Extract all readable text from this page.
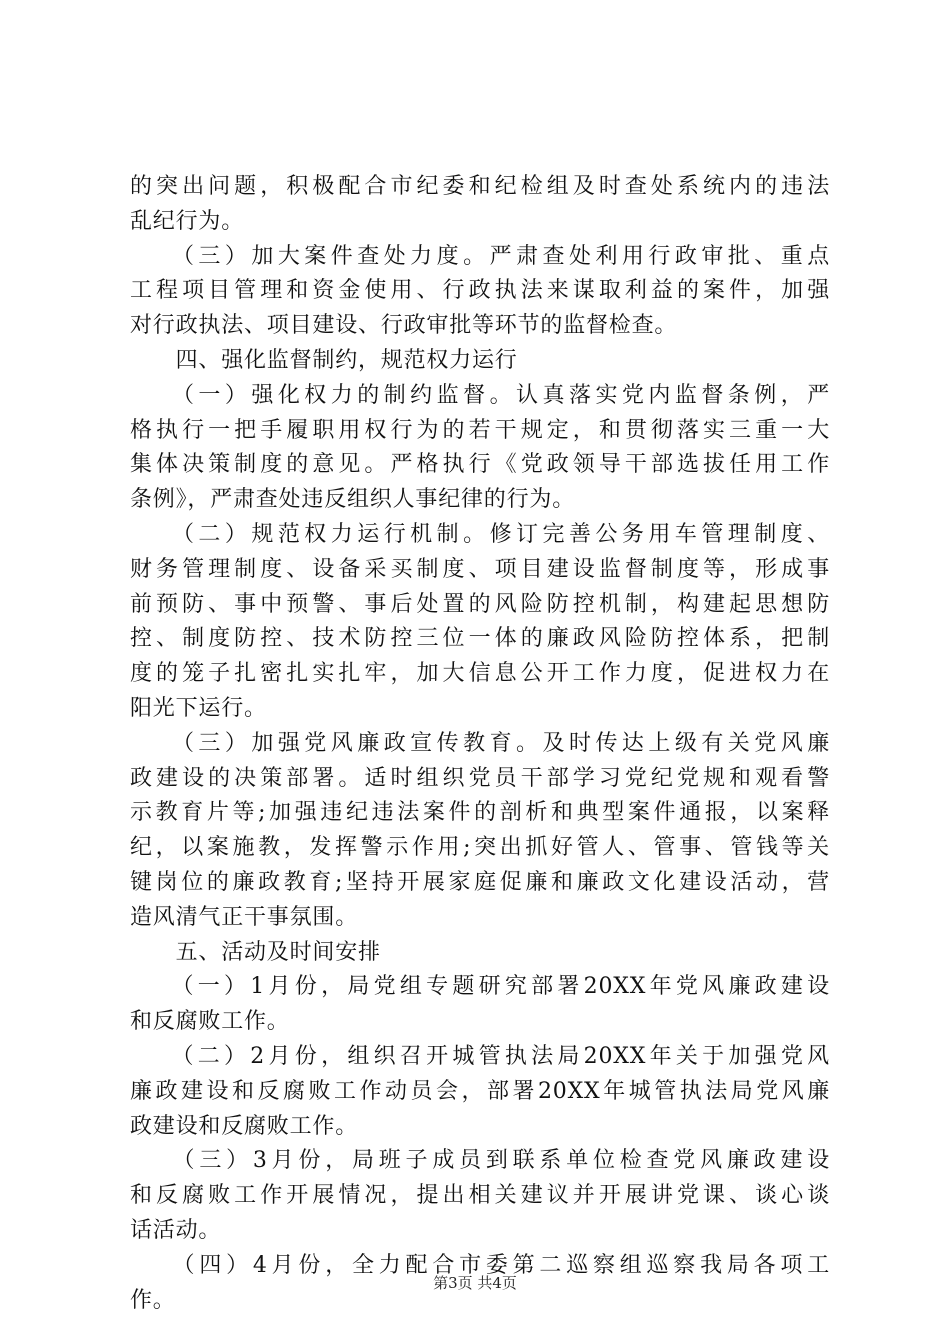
的突出问题，积极配合市纪委和纪检组及时查处系统内的违法
乱纪行为。
　　（三）加大案件查处力度。严肃查处利用行政审批、重点
工程项目管理和资金使用、行政执法来谋取利益的案件，加强
对行政执法、项目建设、行政审批等环节的监督检查。
　　四、强化监督制约，规范权力运行
　　（一）强化权力的制约监督。认真落实党内监督条例，严
格执行一把手履职用权行为的若干规定，和贯彻落实三重一大
集体决策制度的意见。严格执行《党政领导干部选拔任用工作
条例》，严肃查处违反组织人事纪律的行为。
　　（二）规范权力运行机制。修订完善公务用车管理制度、
财务管理制度、设备采买制度、项目建设监督制度等，形成事
前预防、事中预警、事后处置的风险防控机制，构建起思想防
控、制度防控、技术防控三位一体的廉政风险防控体系，把制
度的笼子扎密扎实扎牢，加大信息公开工作力度，促进权力在
阳光下运行。
　　（三）加强党风廉政宣传教育。及时传达上级有关党风廉
政建设的决策部署。适时组织党员干部学习党纪党规和观看警
示教育片等;加强违纪违法案件的剖析和典型案件通报，以案释
纪，以案施教，发挥警示作用;突出抓好管人、管事、管钱等关
键岗位的廉政教育;坚持开展家庭促廉和廉政文化建设活动，营
造风清气正干事氛围。
　　五、活动及时间安排
　　（一）1月份，局党组专题研究部署20XX年党风廉政建设
和反腐败工作。
　　（二）2月份，组织召开城管执法局20XX年关于加强党风
廉政建设和反腐败工作动员会，部署20XX年城管执法局党风廉
政建设和反腐败工作。
　　（三）3月份，局班子成员到联系单位检查党风廉政建设
和反腐败工作开展情况，提出相关建议并开展讲党课、谈心谈
话活动。
　　（四）4月份，全力配合市委第二巡察组巡察我局各项工
作。
第3页 共4页
